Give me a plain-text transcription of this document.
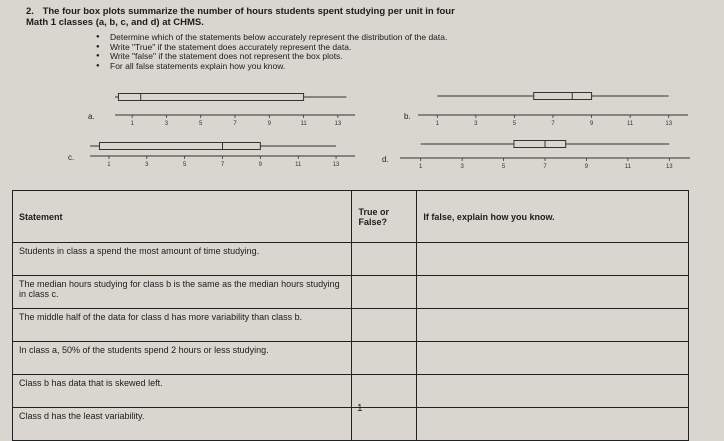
2. The four box plots summarize the number of hours students spent studying per unit in four
Math 1 classes (a, b, c, and d) at CHMS.
● Determine which of the statements below accurately represent the distribution of the data.
● Write "True" if the statement does accurately represent the data.
● Write "false" if the statement does not represent the box plots.
● For all false statements explain how you know.
1	3	5	7	9	11	13
a.
1	3	5	7	9	11	13
b.
1	3	5	7	9	11	13
c.
1	3	5	7	9	11	13
d.
Statement	True or False?	If false, explain how you know.
Students in class a spend the most amount of time studying.		
The median hours studying for class b is the same as the median hours studying in class c.		
The middle half of the data for class d has more variability than class b.		
In class a, 50% of the students spend 2 hours or less studying.		
Class b has data that is skewed left.		
Class d has the least variability.		
1
